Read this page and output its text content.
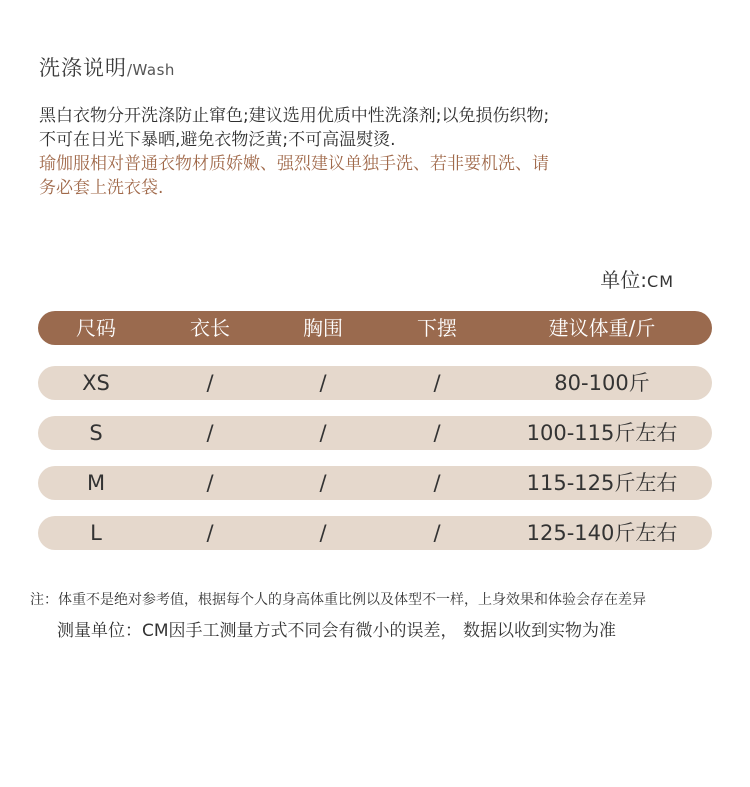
洗涤说明/Wash
黑白衣物分开洗涤防止窜色;建议选用优质中性洗涤剂;以免损伤织物;
不可在日光下暴晒,避免衣物泛黄;不可高温熨烫.
瑜伽服相对普通衣物材质娇嫩、强烈建议单独手洗、若非要机洗、请
务必套上洗衣袋.
单位:CM
尺码	衣长	胸围	下摆	建议体重/斤
XS	/	/	/	80-100斤
S	/	/	/	100-115斤左右
M	/	/	/	115-125斤左右
L	/	/	/	125-140斤左右
注：体重不是绝对参考值，根据每个人的身高体重比例以及体型不一样，上身效果和体验会存在差异
测量单位：CM因手工测量方式不同会有微小的误差， 数据以收到实物为准
